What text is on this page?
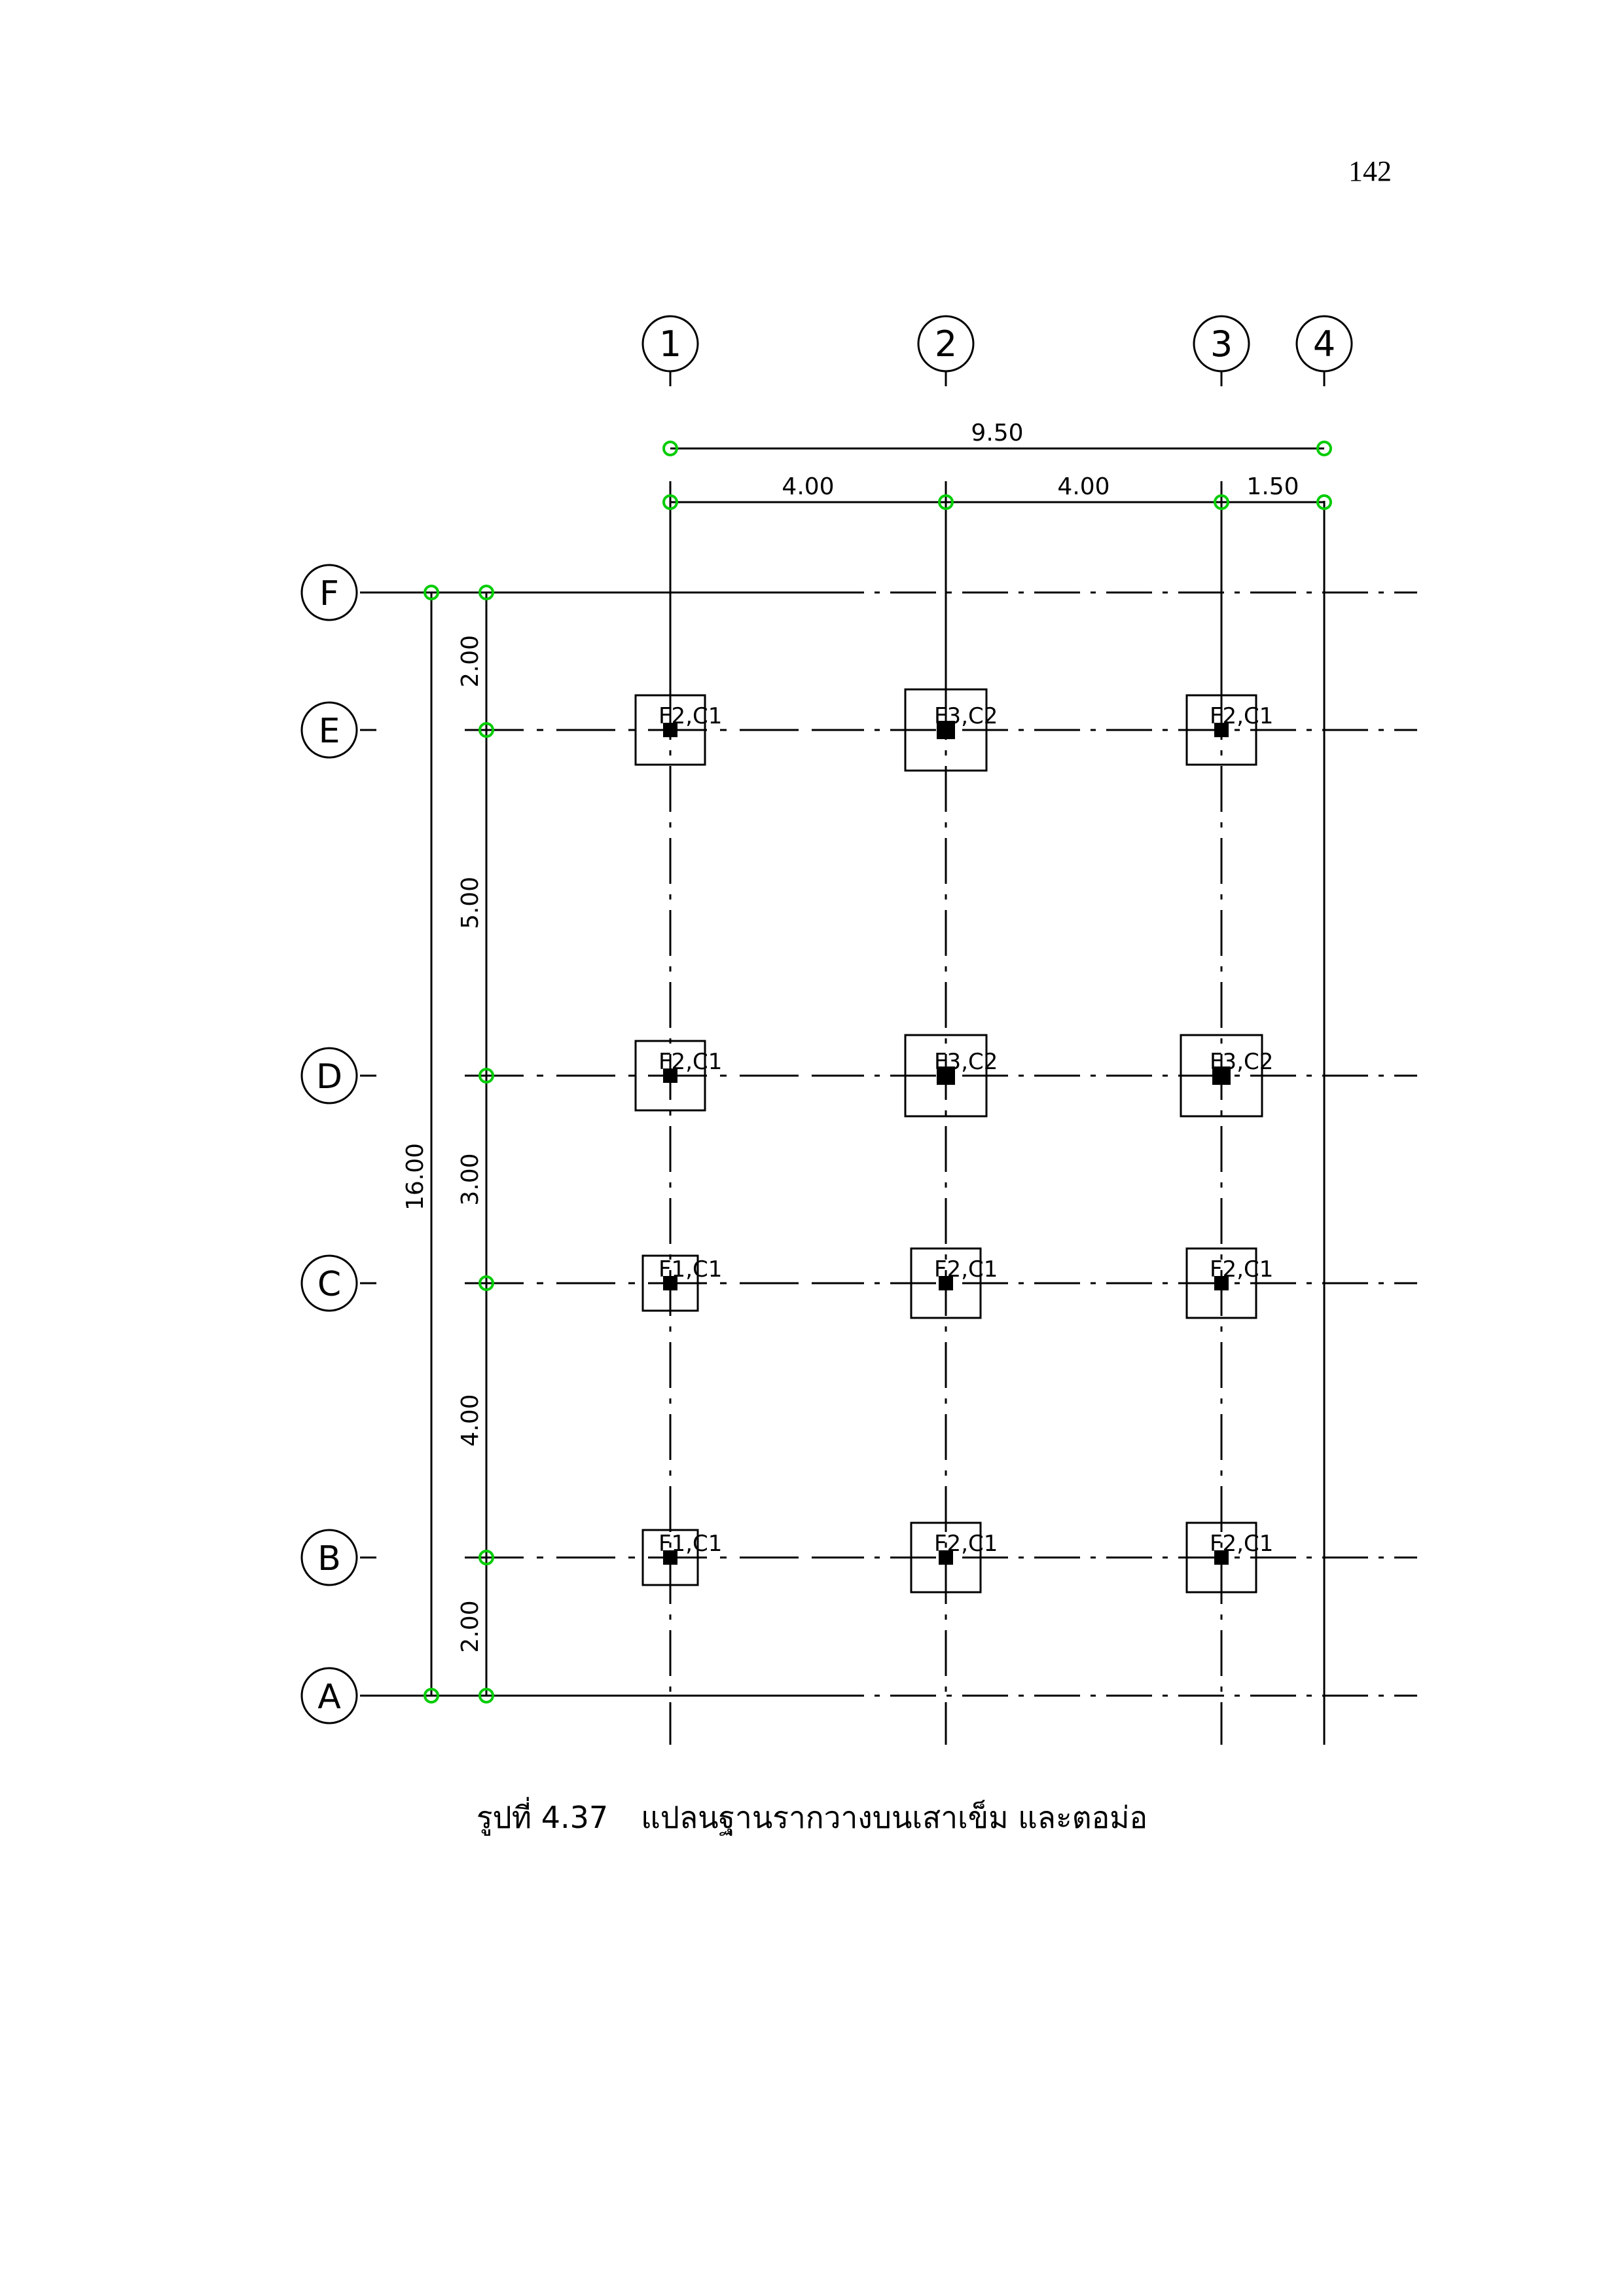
142
9.50
4.00	4.00	1.50
16.00
2.00
5.00
3.00
4.00
2.00
F2,C1	F3,C2	F2,C1
F2,C1	F3,C2	F3,C2
F1,C1	F2,C1	F2,C1
F1,C1	F2,C1	F2,C1
1	2	3 4
F
E
D
C
B
A
รูปที่ 4.37 แปลนฐานรากวางบนเสาเข็ม และตอม่อ
